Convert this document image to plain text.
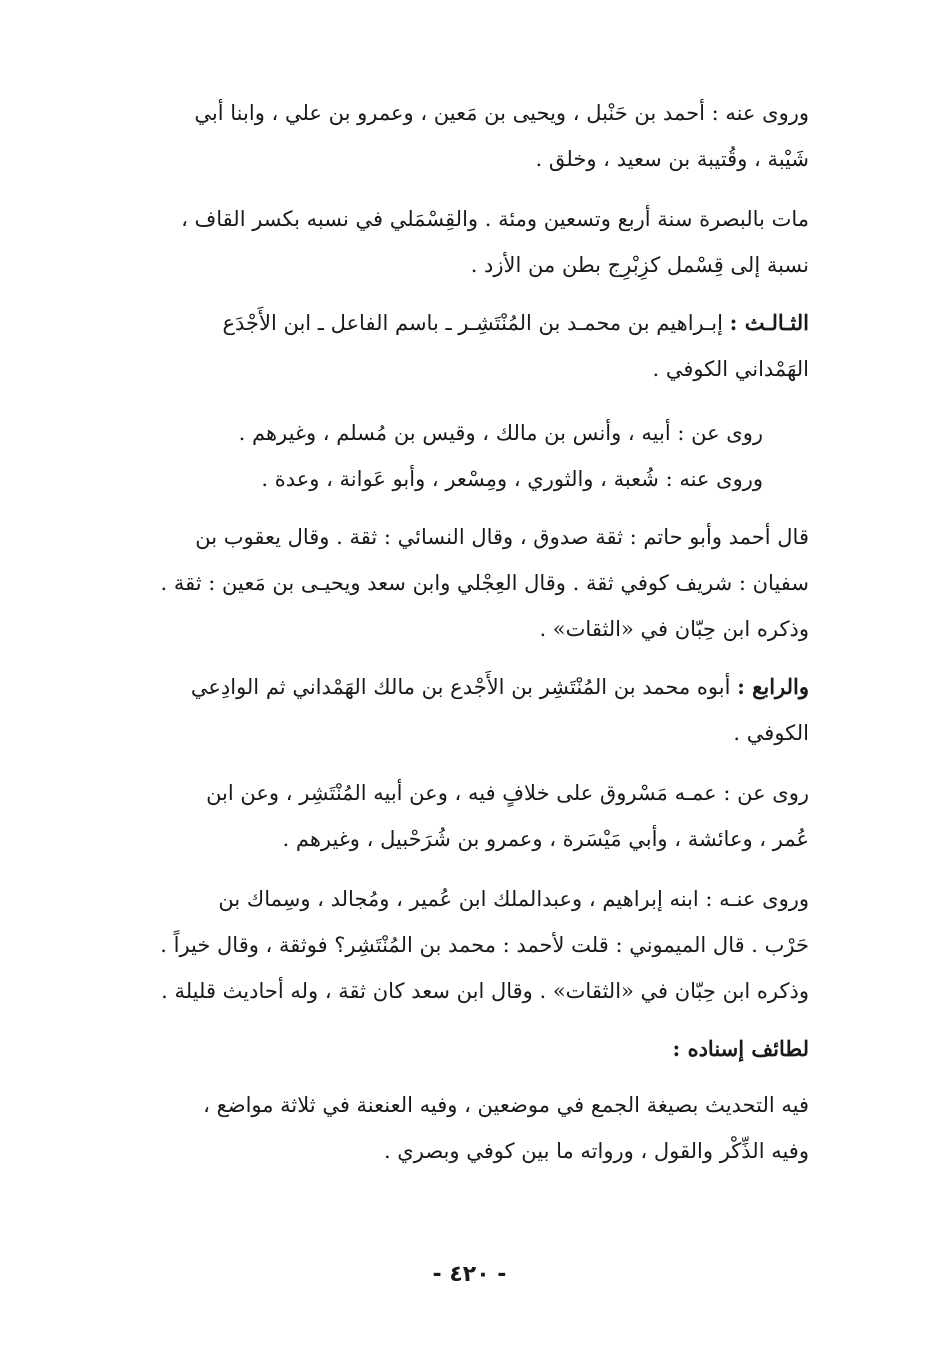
وروى عنه : أحمد بن حَنْبل ، ويحيى بن مَعين ، وعمرو بن علي ، وابنا أبي
شَيْبة ، وقُتيبة بن سعيد ، وخلق .
مات بالبصرة سنة أربع وتسعين ومئة . والقِسْمَلي في نسبه بكسر القاف ،
نسبة إلى قِسْمل كزِبْرِج بطن من الأزد .
الثـالـث : إبـراهيم بن محمـد بن المُنْتَشِـر ـ باسم الفاعل ـ ابن الأَجْدَع
الهَمْداني الكوفي .
روى عن : أبيه ، وأنس بن مالك ، وقيس بن مُسلم ، وغيرهم .
وروى عنه : شُعبة ، والثوري ، ومِسْعر ، وأبو عَوانة ، وعدة .
قال أحمد وأبو حاتم : ثقة صدوق ، وقال النسائي : ثقة . وقال يعقوب بن
سفيان : شريف كوفي ثقة . وقال العِجْلي وابن سعد ويحيـى بن مَعين : ثقة .
وذكره ابن حِبّان في «الثقات» .
والرابع : أبوه محمد بن المُنْتَشِر بن الأَجْدع بن مالك الهَمْداني ثم الوادِعي
الكوفي .
روى عن : عمـه مَسْروق على خلافٍ فيه ، وعن أبيه المُنْتَشِر ، وعن ابن
عُمر ، وعائشة ، وأبي مَيْسَرة ، وعمرو بن شُرَحْبيل ، وغيرهم .
وروى عنـه : ابنه إبراهيم ، وعبدالملك ابن عُمير ، ومُجالد ، وسِماك بن
حَرْب . قال الميموني : قلت لأحمد : محمد بن المُنْتَشِر؟ فوثقة ، وقال خيراً .
وذكره ابن حِبّان في «الثقات» . وقال ابن سعد كان ثقة ، وله أحاديث قليلة .
لطائف إسناده :
فيه التحديث بصيغة الجمع في موضعين ، وفيه العنعنة في ثلاثة مواضع ،
وفيه الذِّكْر والقول ، ورواته ما بين كوفي وبصري .
- ٤٢٠ -
